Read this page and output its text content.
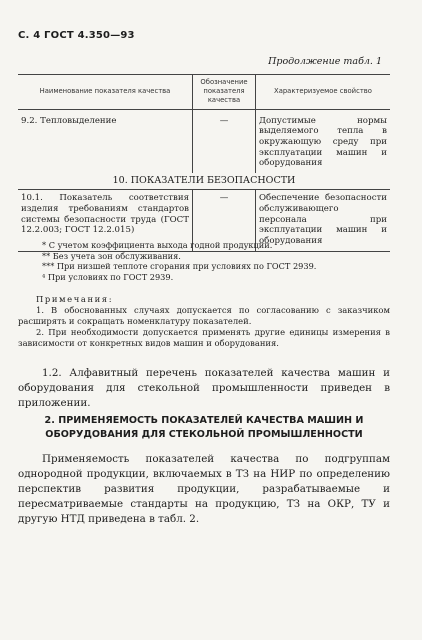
С. 4 ГОСТ 4.350—93
Продолжение табл. 1
Наименование показателя качества	Обозначение показателя качества	Характеризуемое свойство
9.2. Тепловыделение	—	Допустимые нормы выделяемого тепла в окружающую среду при эксплуатации машин и оборудования
10. ПОКАЗАТЕЛИ БЕЗОПАСНОСТИ		
10.1. Показатель соответствия изделия требованиям стандартов системы безопасности труда (ГОСТ 12.2.003; ГОСТ 12.2.015)	—	Обеспечение безопасности обслуживающего персонала при эксплуатации машин и оборудования
* С учетом коэффициента выхода годной продукции.
** Без учета зон обслуживания.
*** При низшей теплоте сгорания при условиях по ГОСТ 2939.
⁴ При условиях по ГОСТ 2939.

Примечания:

1. В обоснованных случаях допускается по согласованию с заказчиком расширять и сокращать номенклатуру показателей.

2. При необходимости допускается применять другие единицы измерения в зависимости от конкретных видов машин и оборудования.

1.2. Алфавитный перечень показателей качества машин и оборудования для стекольной промышленности приведен в приложении.

2. ПРИМЕНЯЕМОСТЬ ПОКАЗАТЕЛЕЙ КАЧЕСТВА МАШИН И ОБОРУДОВАНИЯ ДЛЯ СТЕКОЛЬНОЙ ПРОМЫШЛЕННОСТИ

Применяемость показателей качества по подгруппам однородной продукции, включаемых в ТЗ на НИР по определению перспектив развития продукции, разрабатываемые и пересматриваемые стандарты на продукцию, ТЗ на ОКР, ТУ и другую НТД приведена в табл. 2.
